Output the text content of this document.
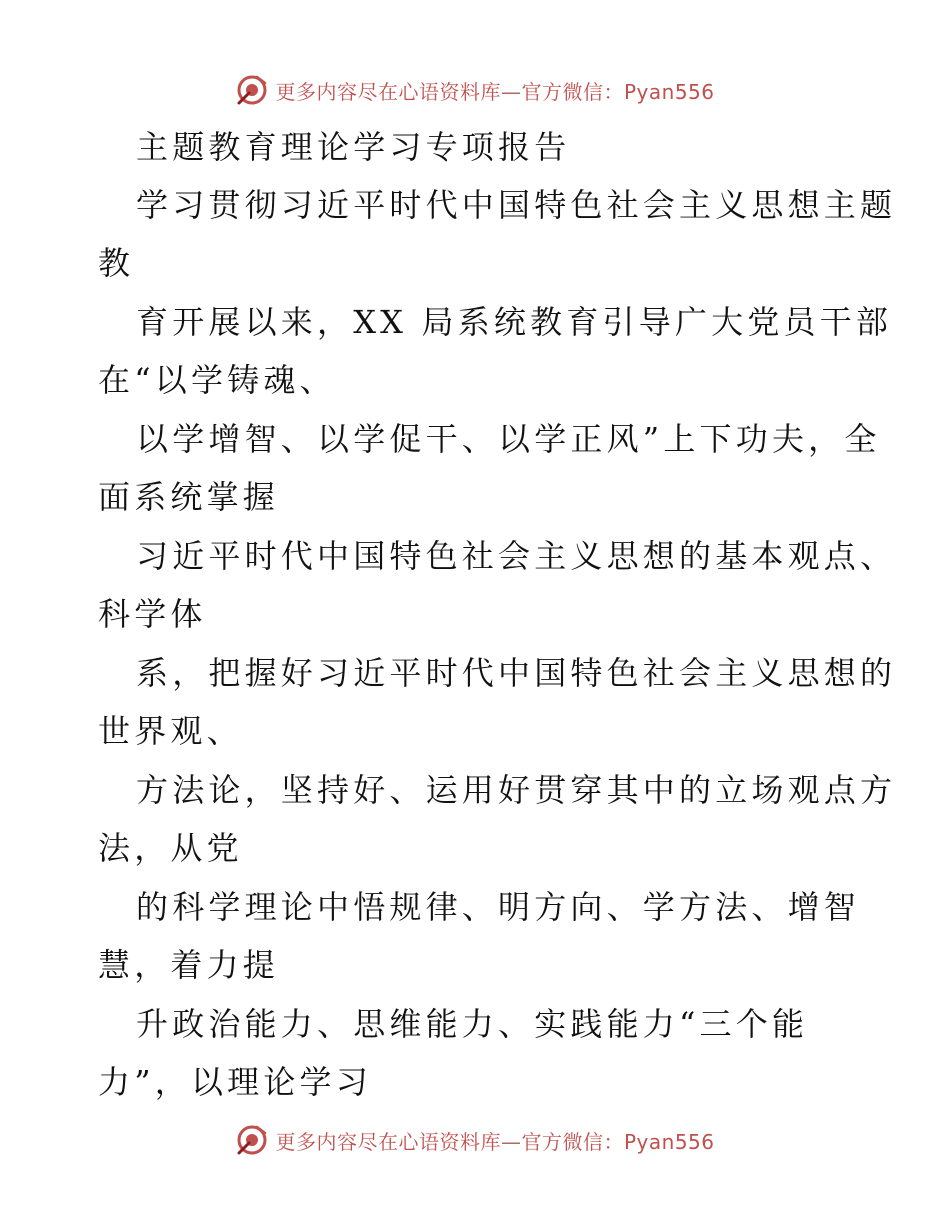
更多内容尽在心语资料库—官方微信：Pyan556
主题教育理论学习专项报告
学习贯彻习近平时代中国特色社会主义思想主题
教
育开展以来，XX 局系统教育引导广大党员干部
在“以学铸魂、
以学增智、以学促干、以学正风”上下功夫，全
面系统掌握
习近平时代中国特色社会主义思想的基本观点、
科学体
系，把握好习近平时代中国特色社会主义思想的
世界观、
方法论，坚持好、运用好贯穿其中的立场观点方
法，从党
的科学理论中悟规律、明方向、学方法、增智
慧，着力提
升政治能力、思维能力、实践能力“三个能
力”，以理论学习
更多内容尽在心语资料库—官方微信：Pyan556
